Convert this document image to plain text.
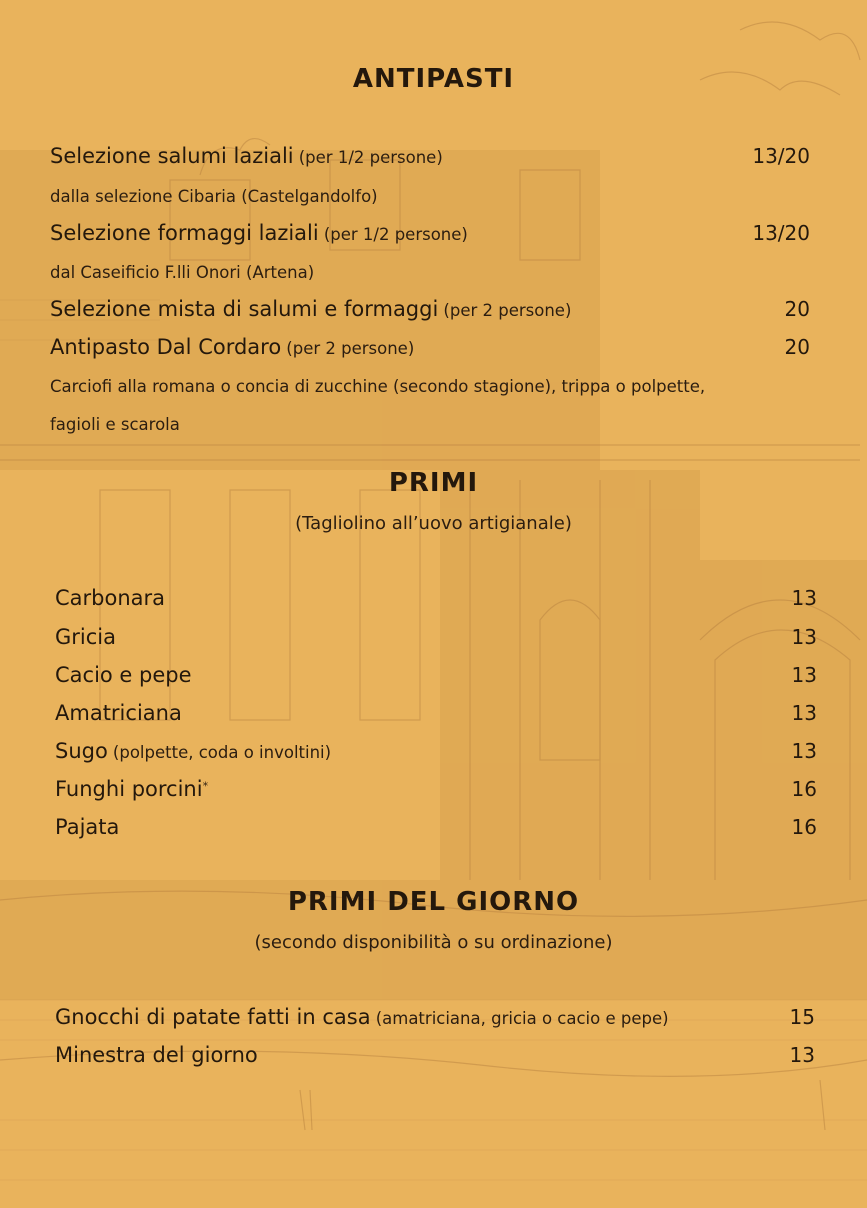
ANTIPASTI
Selezione salumi laziali (per 1/2 persone)	13/20
dalla selezione Cibaria (Castelgandolfo)
Selezione formaggi laziali (per 1/2 persone)	13/20
dal Caseificio F.lli Onori (Artena)
Selezione mista di salumi e formaggi (per 2 persone)	20
Antipasto Dal Cordaro (per 2 persone)	20
Carciofi alla romana o concia di zucchine (secondo stagione), trippa o polpette,
fagioli e scarola
PRIMI
(Tagliolino all’uovo artigianale)
Carbonara	13
Gricia	13
Cacio e pepe	13
Amatriciana	13
Sugo (polpette, coda o involtini)	13
Funghi porcini*	16
Pajata	16
PRIMI DEL GIORNO
(secondo disponibilità o su ordinazione)
Gnocchi di patate fatti in casa (amatriciana, gricia o cacio e pepe)	15
Minestra del giorno	13
